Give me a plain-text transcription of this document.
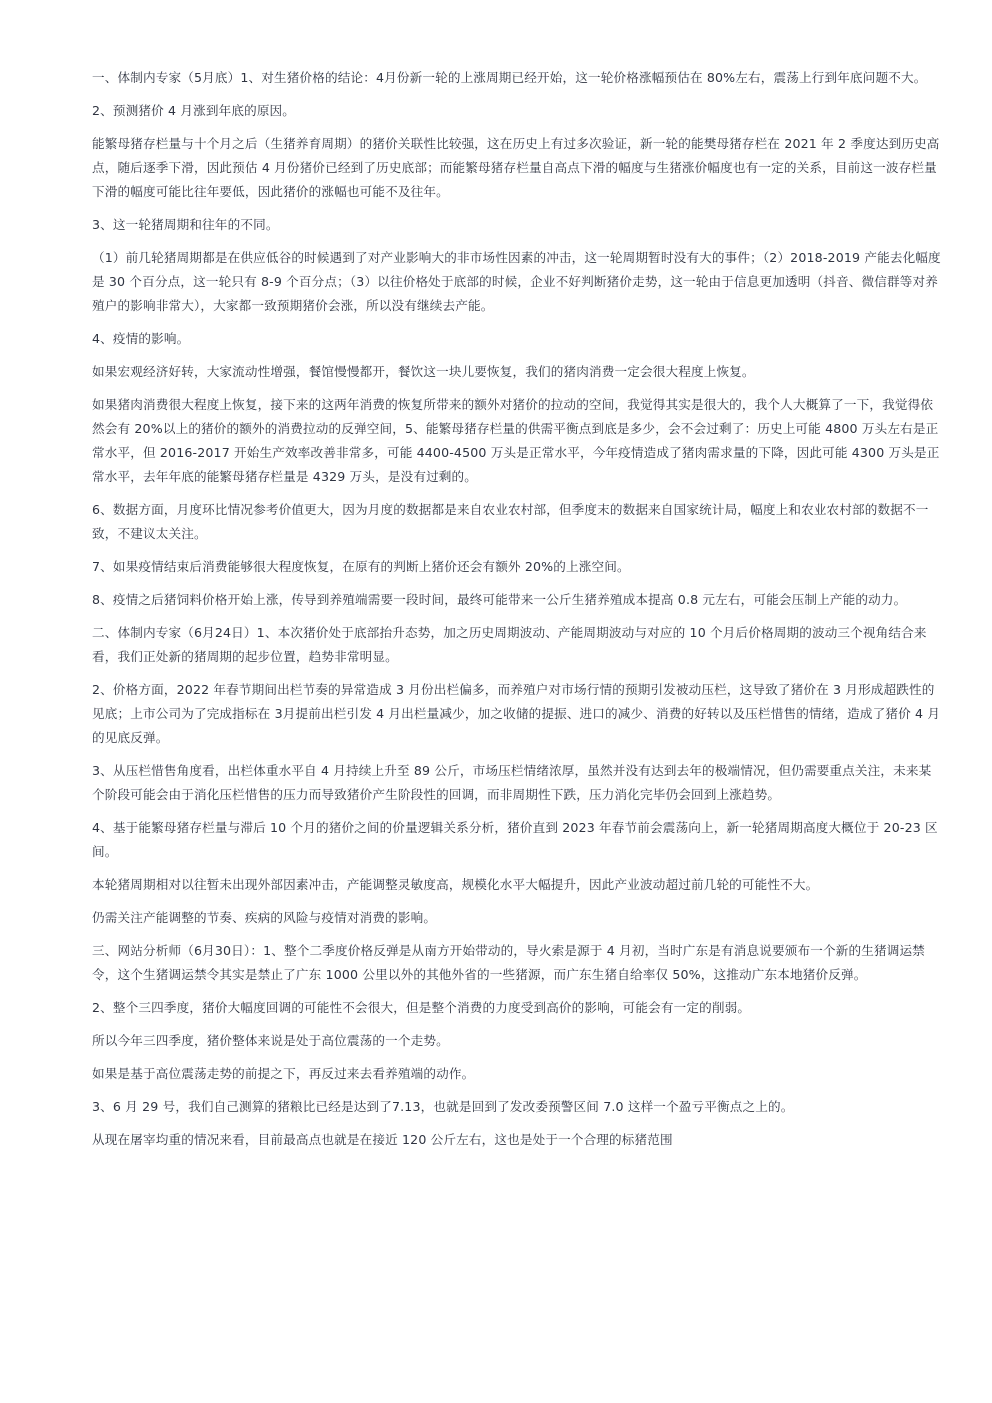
一、体制内专家（5月底）1、对生猪价格的结论：4月份新一轮的上涨周期已经开始，这一轮价格涨幅预估在 80%左右，震荡上行到年底问题不大。

2、预测猪价 4 月涨到年底的原因。

能繁母猪存栏量与十个月之后（生猪养育周期）的猪价关联性比较强，这在历史上有过多次验证，新一轮的能樊母猪存栏在 2021 年 2 季度达到历史高点，随后逐季下滑，因此预估 4 月份猪价已经到了历史底部；而能繁母猪存栏量自高点下滑的幅度与生猪涨价幅度也有一定的关系，目前这一波存栏量下滑的幅度可能比往年要低，因此猪价的涨幅也可能不及往年。

3、这一轮猪周期和往年的不同。

（1）前几轮猪周期都是在供应低谷的时候遇到了对产业影响大的非市场性因素的冲击，这一轮周期暂时没有大的事件；（2）2018-2019 产能去化幅度是 30 个百分点，这一轮只有 8-9 个百分点；（3）以往价格处于底部的时候，企业不好判断猪价走势，这一轮由于信息更加透明（抖音、微信群等对养殖户的影响非常大），大家都一致预期猪价会涨，所以没有继续去产能。

4、疫情的影响。

如果宏观经济好转，大家流动性增强，餐馆慢慢都开，餐饮这一块儿要恢复，我们的猪肉消费一定会很大程度上恢复。

如果猪肉消费很大程度上恢复，接下来的这两年消费的恢复所带来的额外对猪价的拉动的空间，我觉得其实是很大的，我个人大概算了一下，我觉得依然会有 20%以上的猪价的额外的消费拉动的反弹空间，5、能繁母猪存栏量的供需平衡点到底是多少，会不会过剩了：历史上可能 4800 万头左右是正常水平，但 2016-2017 开始生产效率改善非常多，可能 4400-4500 万头是正常水平，今年疫情造成了猪肉需求量的下降，因此可能 4300 万头是正常水平，去年年底的能繁母猪存栏量是 4329 万头，是没有过剩的。

6、数据方面，月度环比情况参考价值更大，因为月度的数据都是来自农业农村部，但季度末的数据来自国家统计局，幅度上和农业农村部的数据不一致，不建议太关注。

7、如果疫情结束后消费能够很大程度恢复，在原有的判断上猪价还会有额外 20%的上涨空间。

8、疫情之后猪饲料价格开始上涨，传导到养殖端需要一段时间，最终可能带来一公斤生猪养殖成本提高 0.8 元左右，可能会压制上产能的动力。

二、体制内专家（6月24日）1、本次猪价处于底部抬升态势，加之历史周期波动、产能周期波动与对应的 10 个月后价格周期的波动三个视角结合来看，我们正处新的猪周期的起步位置，趋势非常明显。

2、价格方面，2022 年春节期间出栏节奏的异常造成 3 月份出栏偏多，而养殖户对市场行情的预期引发被动压栏，这导致了猪价在 3 月形成超跌性的见底；上市公司为了完成指标在 3月提前出栏引发 4 月出栏量减少，加之收储的提振、进口的减少、消费的好转以及压栏惜售的情绪，造成了猪价 4 月的见底反弹。

3、从压栏惜售角度看，出栏体重水平自 4 月持续上升至 89 公斤，市场压栏情绪浓厚，虽然并没有达到去年的极端情况，但仍需要重点关注，未来某个阶段可能会由于消化压栏惜售的压力而导致猪价产生阶段性的回调，而非周期性下跌，压力消化完毕仍会回到上涨趋势。

4、基于能繁母猪存栏量与滞后 10 个月的猪价之间的价量逻辑关系分析，猪价直到 2023 年春节前会震荡向上，新一轮猪周期高度大概位于 20-23 区间。

本轮猪周期相对以往暂未出现外部因素冲击，产能调整灵敏度高，规模化水平大幅提升，因此产业波动超过前几轮的可能性不大。

仍需关注产能调整的节奏、疾病的风险与疫情对消费的影响。

三、网站分析师（6月30日）：1、整个二季度价格反弹是从南方开始带动的，导火索是源于 4 月初，当时广东是有消息说要颁布一个新的生猪调运禁令，这个生猪调运禁令其实是禁止了广东 1000 公里以外的其他外省的一些猪源，而广东生猪自给率仅 50%，这推动广东本地猪价反弹。

2、整个三四季度，猪价大幅度回调的可能性不会很大，但是整个消费的力度受到高价的影响，可能会有一定的削弱。

所以今年三四季度，猪价整体来说是处于高位震荡的一个走势。

如果是基于高位震荡走势的前提之下，再反过来去看养殖端的动作。

3、6 月 29 号，我们自己测算的猪粮比已经是达到了7.13，也就是回到了发改委预警区间 7.0 这样一个盈亏平衡点之上的。

从现在屠宰均重的情况来看，目前最高点也就是在接近 120 公斤左右，这也是处于一个合理的标猪范围
